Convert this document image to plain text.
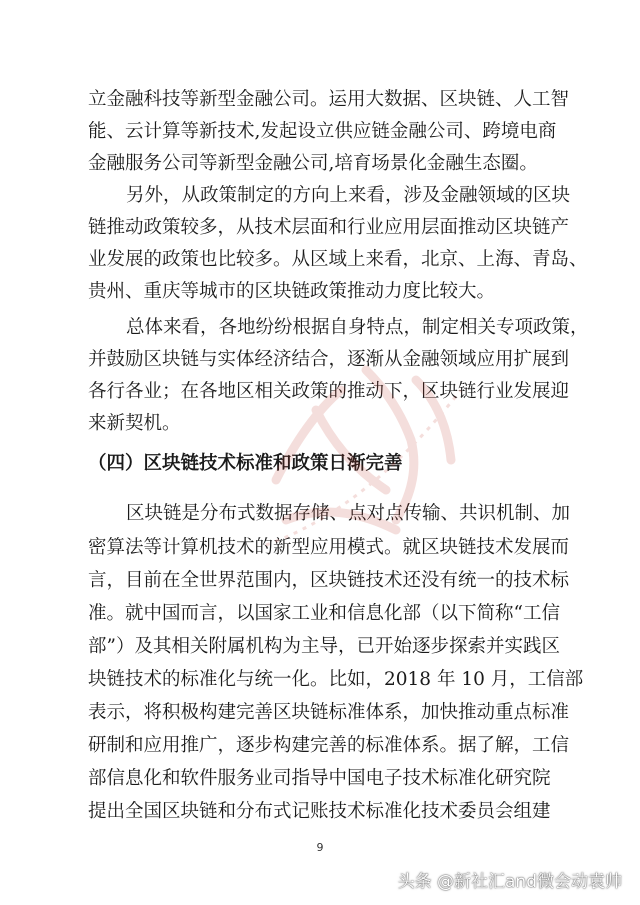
立金融科技等新型金融公司。运用大数据、区块链、人工智
能、云计算等新技术,发起设立供应链金融公司、跨境电商
金融服务公司等新型金融公司,培育场景化金融生态圈。
另外，从政策制定的方向上来看，涉及金融领域的区块
链推动政策较多，从技术层面和行业应用层面推动区块链产
业发展的政策也比较多。从区域上来看，北京、上海、青岛、
贵州、重庆等城市的区块链政策推动力度比较大。
总体来看，各地纷纷根据自身特点，制定相关专项政策，
并鼓励区块链与实体经济结合，逐渐从金融领域应用扩展到
各行各业；在各地区相关政策的推动下，区块链行业发展迎
来新契机。
（四）区块链技术标准和政策日渐完善
区块链是分布式数据存储、点对点传输、共识机制、加
密算法等计算机技术的新型应用模式。就区块链技术发展而
言，目前在全世界范围内，区块链技术还没有统一的技术标
准。就中国而言，以国家工业和信息化部（以下简称“工信
部”）及其相关附属机构为主导，已开始逐步探索并实践区
块链技术的标准化与统一化。比如，2018 年 10 月，工信部
表示，将积极构建完善区块链标准体系，加快推动重点标准
研制和应用推广，逐步构建完善的标准体系。据了解，工信
部信息化和软件服务业司指导中国电子技术标准化研究院
提出全国区块链和分布式记账技术标准化技术委员会组建
9
头条 @新社汇and微会动袁帅
